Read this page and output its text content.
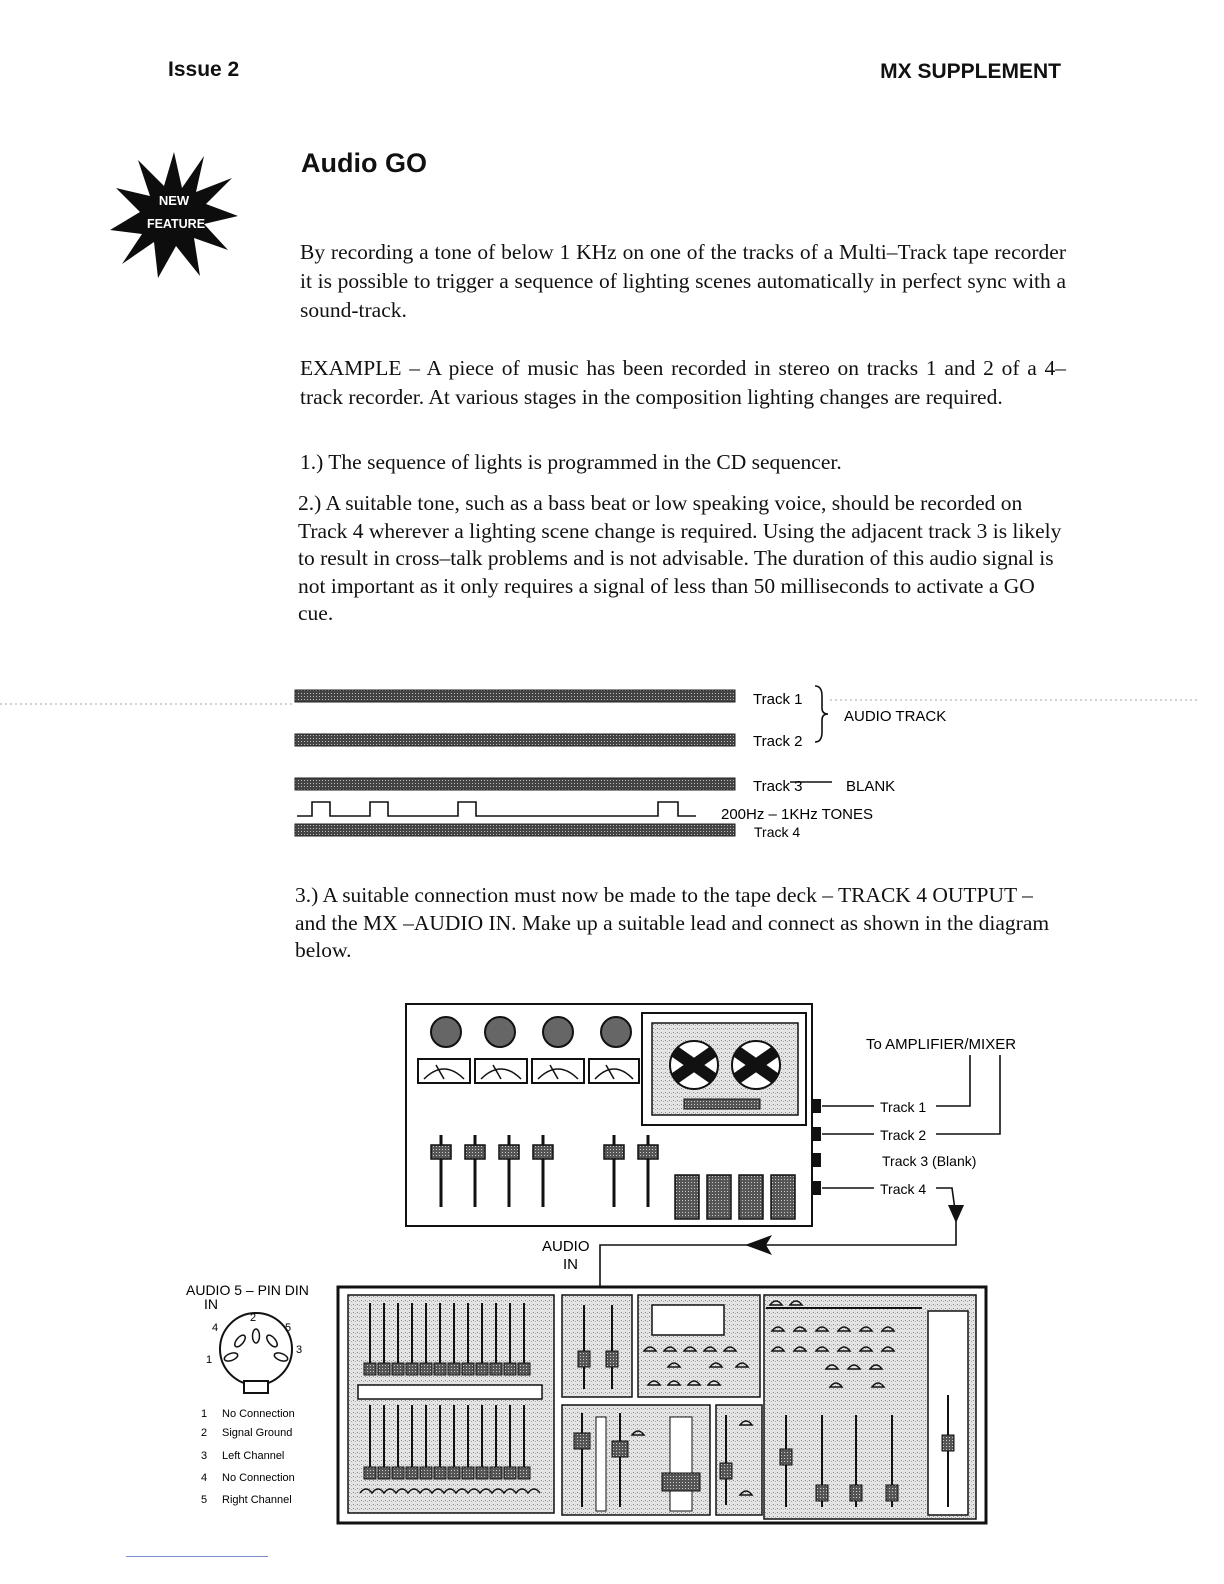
Issue 2	MX SUPPLEMENT
NEW
FEATURE
Audio GO
By recording a tone of below 1 KHz on one of the tracks of a Multi–Track tape recorder it is possible to trigger a sequence of lighting scenes automatically in perfect sync with a sound-track.
EXAMPLE – A piece of music has been recorded in stereo on tracks 1 and 2 of a 4–track recorder. At various stages in the composition lighting changes are required.
1.) The sequence of lights is programmed in the CD sequencer.
2.) A suitable tone, such as a bass beat or low speaking voice, should be recorded on Track 4 wherever a lighting scene change is required. Using the adjacent track 3 is likely to result in cross–talk problems and is not advisable. The duration of this audio signal is not important as it only requires a signal of less than 50 milliseconds to activate a GO cue.
Track 1
Track 2
AUDIO TRACK
Track 3	BLANK
200Hz – 1KHz TONES
Track 4
3.) A suitable connection must now be made to the tape deck – TRACK 4 OUTPUT – and the MX –AUDIO IN. Make up a suitable lead and connect as shown in the diagram below.
To AMPLIFIER/MIXER
Track 1
Track 2
Track 3 (Blank)
Track 4
AUDIO
IN
AUDIO 5 – PIN DIN
IN
1
2
3
4	5
1 No Connection
2 Signal Ground
3 Left Channel
4 No Connection
5 Right Channel
